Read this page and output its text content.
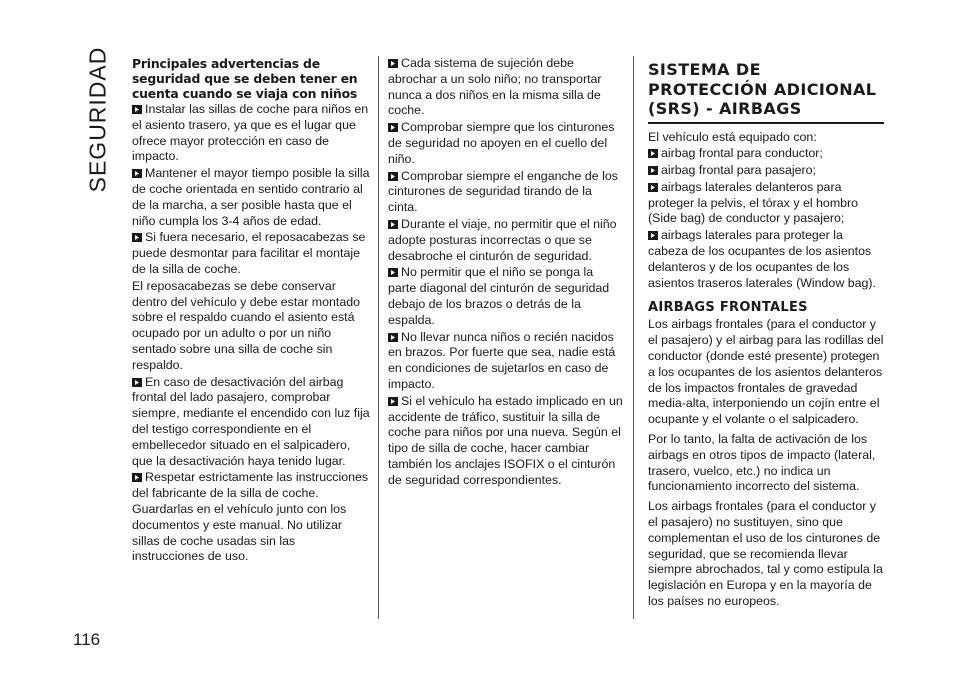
SEGURIDAD Principales advertencias de seguridad que se deben tener en cuenta cuando se viaja con niños

Instalar las sillas de coche para niños en el asiento trasero, ya que es el lugar que ofrece mayor protección en caso de impacto.

Mantener el mayor tiempo posible la silla de coche orientada en sentido contrario al de la marcha, a ser posible hasta que el niño cumpla los 3-4 años de edad.

Si fuera necesario, el reposacabezas se puede desmontar para facilitar el montaje de la silla de coche.

El reposacabezas se debe conservar dentro del vehículo y debe estar montado sobre el respaldo cuando el asiento está ocupado por un adulto o por un niño sentado sobre una silla de coche sin respaldo.

En caso de desactivación del airbag frontal del lado pasajero, comprobar siempre, mediante el encendido con luz fija del testigo correspondiente en el embellecedor situado en el salpicadero, que la desactivación haya tenido lugar.

Respetar estrictamente las instrucciones del fabricante de la silla de coche. Guardarlas en el vehículo junto con los documentos y este manual. No utilizar sillas de coche usadas sin las instrucciones de uso.

Cada sistema de sujeción debe abrochar a un solo niño; no transportar nunca a dos niños en la misma silla de coche.

Comprobar siempre que los cinturones de seguridad no apoyen en el cuello del niño.

Comprobar siempre el enganche de los cinturones de seguridad tirando de la cinta.

Durante el viaje, no permitir que el niño adopte posturas incorrectas o que se desabroche el cinturón de seguridad.

No permitir que el niño se ponga la parte diagonal del cinturón de seguridad debajo de los brazos o detrás de la espalda.

No llevar nunca niños o recién nacidos en brazos. Por fuerte que sea, nadie está en condiciones de sujetarlos en caso de impacto.

Si el vehículo ha estado implicado en un accidente de tráfico, sustituir la silla de coche para niños por una nueva. Según el tipo de silla de coche, hacer cambiar también los anclajes ISOFIX o el cinturón de seguridad correspondientes.

SISTEMA DE PROTECCIÓN ADICIONAL (SRS) - AIRBAGS

El vehículo está equipado con:

airbag frontal para conductor;

airbag frontal para pasajero;

airbags laterales delanteros para proteger la pelvis, el tórax y el hombro (Side bag) de conductor y pasajero;

airbags laterales para proteger la cabeza de los ocupantes de los asientos delanteros y de los ocupantes de los asientos traseros laterales (Window bag).

AIRBAGS FRONTALES

Los airbags frontales (para el conductor y el pasajero) y el airbag para las rodillas del conductor (donde esté presente) protegen a los ocupantes de los asientos delanteros de los impactos frontales de gravedad media-alta, interponiendo un cojín entre el ocupante y el volante o el salpicadero.

Por lo tanto, la falta de activación de los airbags en otros tipos de impacto (lateral, trasero, vuelco, etc.) no indica un funcionamiento incorrecto del sistema.

Los airbags frontales (para el conductor y el pasajero) no sustituyen, sino que complementan el uso de los cinturones de seguridad, que se recomienda llevar siempre abrochados, tal y como estipula la legislación en Europa y en la mayoría de los países no europeos.

116
